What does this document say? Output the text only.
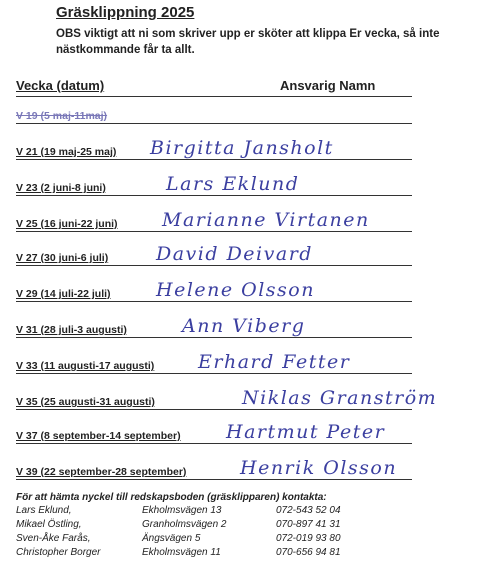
Gräsklippning 2025
OBS viktigt att ni som skriver upp er sköter att klippa Er vecka, så inte nästkommande får ta allt.
Vecka (datum)	Ansvarig Namn
V 19 (5 maj-11maj)
V 21 (19 maj-25 maj) Birgitta Jansholt
V 23 (2 juni-8 juni)	Lars Eklund
V 25 (16 juni-22 juni) Marianne Virtanen
V 27 (30 juni-6 juli)	David Deivard
V 29 (14 juli-22 juli) Helene Olsson
V 31 (28 juli-3 augusti)	Ann Viberg
V 33 (11 augusti-17 augusti) Erhard Fetter
V 35 (25 augusti-31 augusti)	Niklas Granström
V 37 (8 september-14 september) Hartmut Peter
V 39 (22 september-28 september)	Henrik Olsson
För att hämta nyckel till redskapsboden (gräsklipparen) kontakta:
Lars Eklund,	Ekholmsvägen 13	072-543 52 04
Mikael Östling,	Granholmsvägen 2	070-897 41 31
Sven-Åke Farås,	Ängsvägen 5	072-019 93 80
Christopher Borger	Ekholmsvägen 11	070-656 94 81
